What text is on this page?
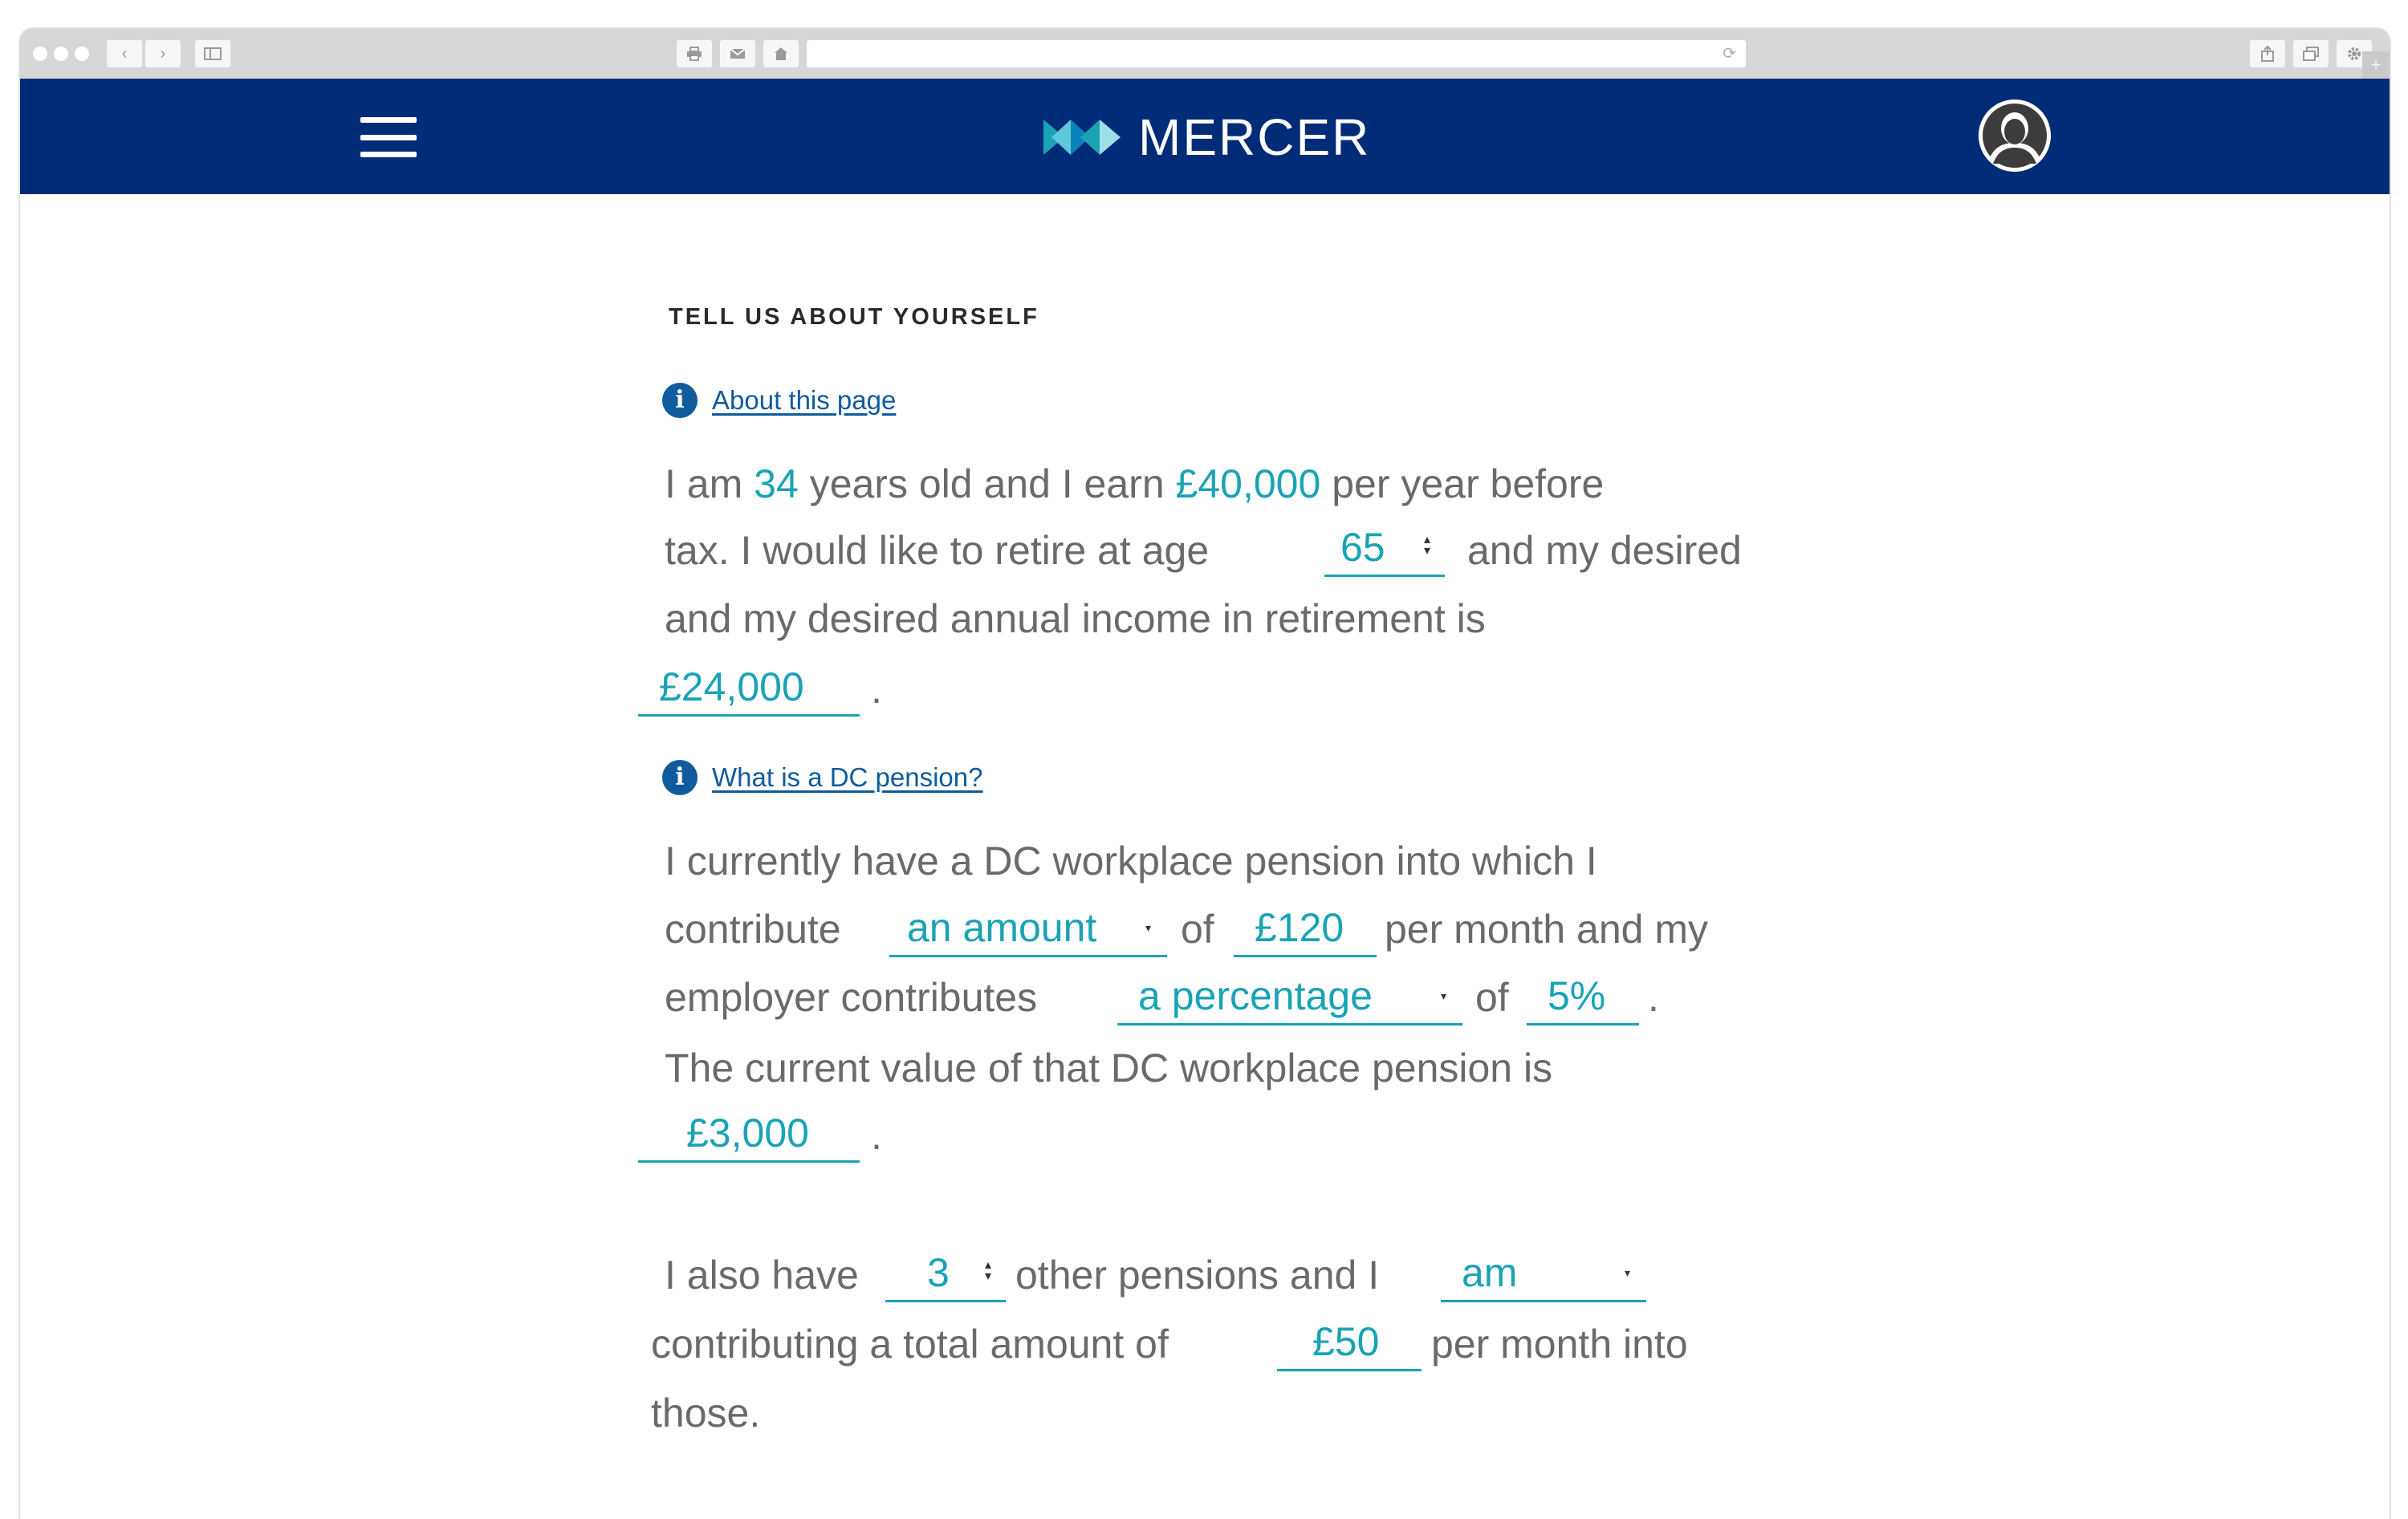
‹	›	⟳
+
MERCER
TELL US ABOUT YOURSELF
i	About this page
I am 34 years old and I earn £40,000 per year before
tax. I would like to retire at age	65	▴
▾ and my desired
and my desired annual income in retirement is
£24,000 .
i	What is a DC pension?
I currently have a DC workplace pension into which I
contribute an amount	▾ of £120 per month and my
employer contributes	a percentage	▾ of 5% .
The current value of that DC workplace pension is
£3,000 .
I also have 3	▴
▾ other pensions and I am	▾
contributing a total amount of	£50 per month into
those.
